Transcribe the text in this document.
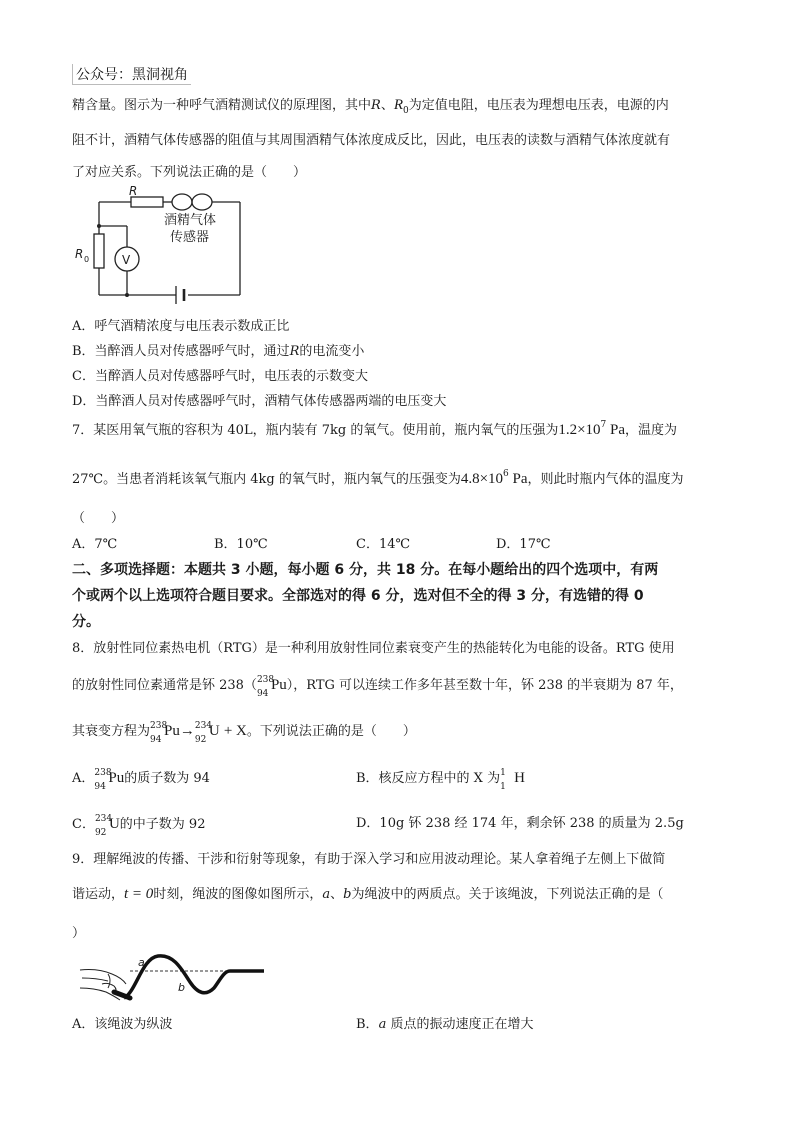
公众号：黑洞视角
精含量。图示为一种呼气酒精测试仪的原理图，其中R、$R_0$为定值电阻，电压表为理想电压表，电源的内
阻不计，酒精气体传感器的阻值与其周围酒精气体浓度成反比，因此，电压表的读数与酒精气体浓度就有
了对应关系。下列说法正确的是（　　）
R
酒精气体
传感器
R 0	V
A．呼气酒精浓度与电压表示数成正比
B．当醉酒人员对传感器呼气时，通过R的电流变小
C．当醉酒人员对传感器呼气时，电压表的示数变大
D．当醉酒人员对传感器呼气时，酒精气体传感器两端的电压变大
7．某医用氧气瓶的容积为 40L，瓶内装有 7kg 的氧气。使用前，瓶内氧气的压强为$1.2\times 10^7$ Pa，温度为
27℃。当患者消耗该氧气瓶内 4kg 的氧气时，瓶内氧气的压强变为$4.8\times 10^6$ Pa，则此时瓶内气体的温度为
（　　）
A．7℃	B．10℃	C．14℃	D．17℃
二、多项选择题：本题共 3 小题，每小题 6 分，共 18 分。在每小题给出的四个选项中，有两
个或两个以上选项符合题目要求。全部选对的得 6 分，选对但不全的得 3 分，有选错的得 0
分。
8．放射性同位素热电机（RTG）是一种利用放射性同位素衰变产生的热能转化为电能的设备。RTG 使用
的放射性同位素通常是钚 238（ 238
94
Pu），RTG 可以连续工作多年甚至数十年，钚 238 的半衰期为 87 年，
其衰变方程为 238
94
Pu→ 234
92
U + X。下列说法正确的是（　　）
A． 238
94
Pu的质子数为 94	B．核反应方程中的 X 为 1
1
H
C． 234
92
U的中子数为 92	D．10g 钚 238 经 174 年，剩余钚 238 的质量为 2.5g
9．理解绳波的传播、干涉和衍射等现象，有助于深入学习和应用波动理论。某人拿着绳子左侧上下做简
谐运动，t = 0时刻，绳波的图像如图所示，a、b为绳波中的两质点。关于该绳波，下列说法正确的是（
）
a
b
A．该绳波为纵波	B．a 质点的振动速度正在增大
